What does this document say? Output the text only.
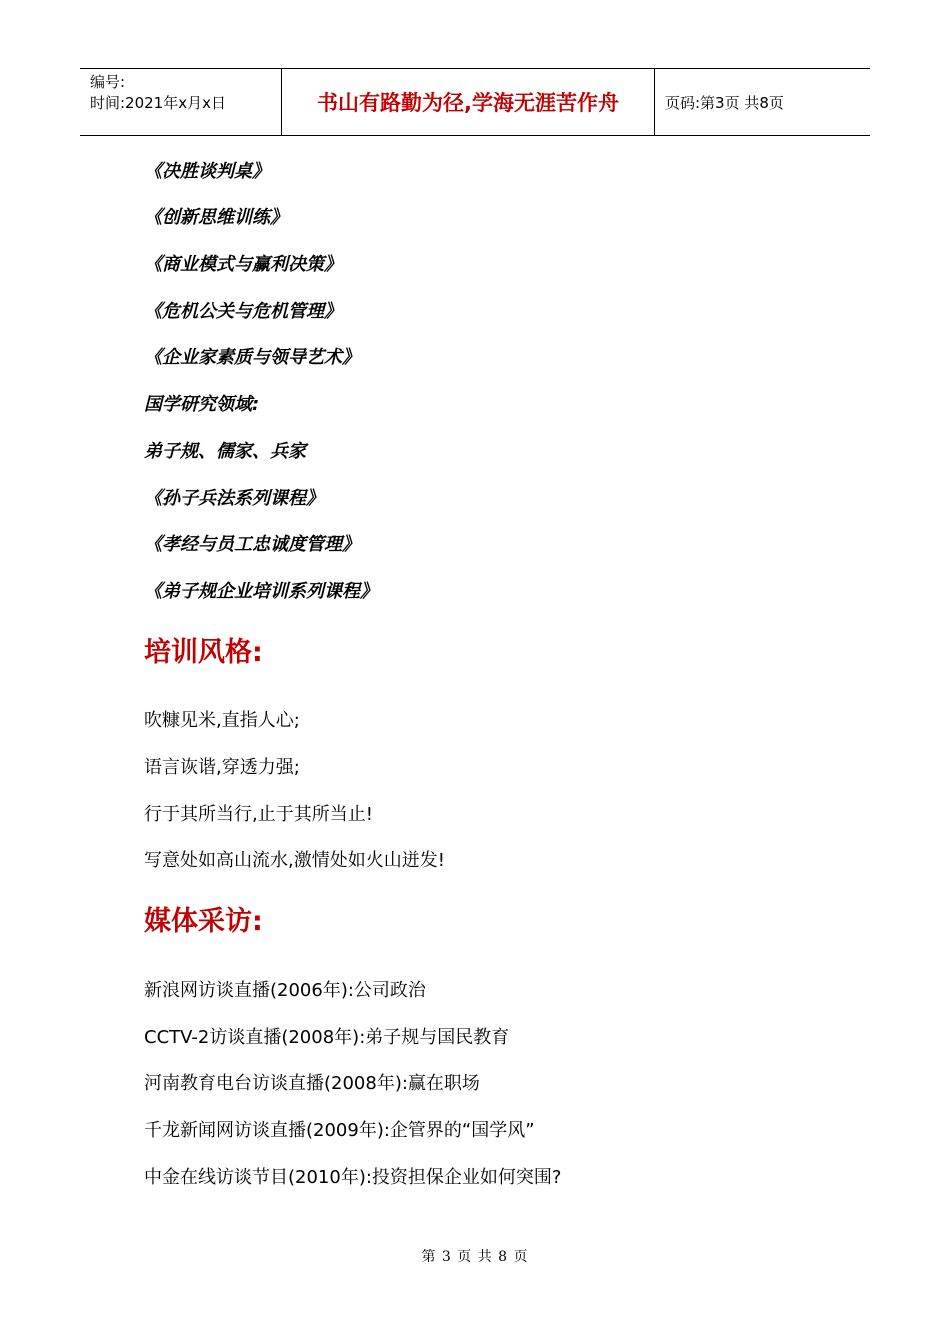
编号:
时间:2021年x月x日	书山有路勤为径,学海无涯苦作舟	页码:第3页 共8页
《决胜谈判桌》
《创新思维训练》
《商业模式与赢利决策》
《危机公关与危机管理》
《企业家素质与领导艺术》
国学研究领域:
弟子规、儒家、兵家
《孙子兵法系列课程》
《孝经与员工忠诚度管理》
《弟子规企业培训系列课程》
培训风格:
吹糠见米,直指人心;
语言诙谐,穿透力强;
行于其所当行,止于其所当止!
写意处如高山流水,激情处如火山迸发!
媒体采访:
新浪网访谈直播(2006年):公司政治
CCTV-2访谈直播(2008年):弟子规与国民教育
河南教育电台访谈直播(2008年):赢在职场
千龙新闻网访谈直播(2009年):企管界的“国学风”
中金在线访谈节目(2010年):投资担保企业如何突围?
第 3 页 共 8 页
